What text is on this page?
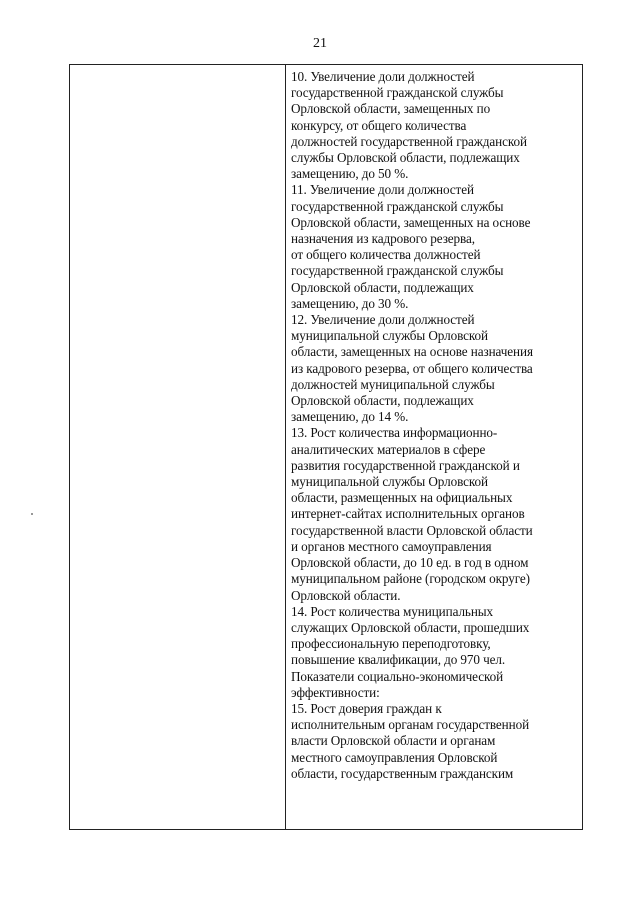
21
10. Увеличение доли должностей
государственной гражданской службы
Орловской области, замещенных по
конкурсу, от общего количества
должностей государственной гражданской
службы Орловской области, подлежащих
замещению, до 50 %.
11. Увеличение доли должностей
государственной гражданской службы
Орловской области, замещенных на основе
назначения из кадрового резерва,
от общего количества должностей
государственной гражданской службы
Орловской области, подлежащих
замещению, до 30 %.
12. Увеличение доли должностей
муниципальной службы Орловской
области, замещенных на основе назначения
из кадрового резерва, от общего количества
должностей муниципальной службы
Орловской области, подлежащих
замещению, до 14 %.
13. Рост количества информационно-
аналитических материалов в сфере
развития государственной гражданской и
муниципальной службы Орловской
области, размещенных на официальных
интернет-сайтах исполнительных органов
государственной власти Орловской области
и органов местного самоуправления
Орловской области, до 10 ед. в год в одном
муниципальном районе (городском округе)
Орловской области.
14. Рост количества муниципальных
служащих Орловской области, прошедших
профессиональную переподготовку,
повышение квалификации, до 970 чел.
Показатели социально-экономической
эффективности:
15. Рост доверия граждан к
исполнительным органам государственной
власти Орловской области и органам
местного самоуправления Орловской
области, государственным гражданским
